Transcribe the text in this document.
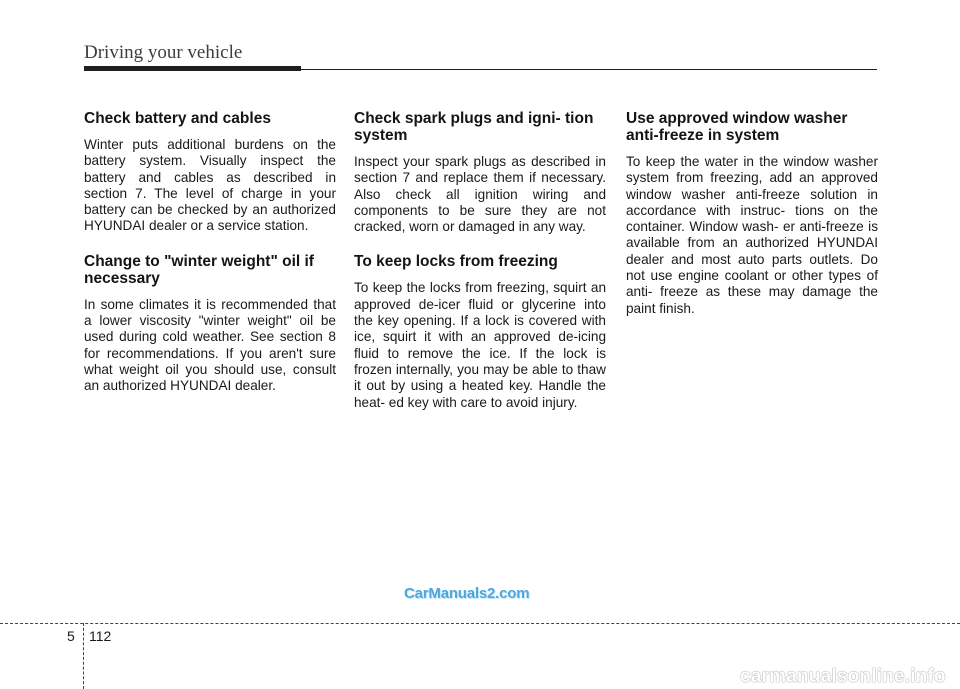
Driving your vehicle
Check battery and cables

Winter puts additional burdens on the battery system. Visually inspect the battery and cables as described in section 7. The level of charge in your battery can be checked by an authorized HYUNDAI dealer or a service station.

Change to "winter weight" oil if necessary

In some climates it is recommended that a lower viscosity "winter weight" oil be used during cold weather. See section 8 for recommendations. If you aren't sure what weight oil you should use, consult an authorized HYUNDAI dealer.

Check spark plugs and igni- tion system

Inspect your spark plugs as described in section 7 and replace them if necessary. Also check all ignition wiring and components to be sure they are not cracked, worn or damaged in any way.

To keep locks from freezing

To keep the locks from freezing, squirt an approved de-icer fluid or glycerine into the key opening. If a lock is covered with ice, squirt it with an approved de-icing fluid to remove the ice. If the lock is frozen internally, you may be able to thaw it out by using a heated key. Handle the heat- ed key with care to avoid injury.

Use approved window washer anti-freeze in system

To keep the water in the window washer system from freezing, add an approved window washer anti-freeze solution in accordance with instruc- tions on the container. Window wash- er anti-freeze is available from an authorized HYUNDAI dealer and most auto parts outlets. Do not use engine coolant or other types of anti- freeze as these may damage the paint finish.

CarManuals2.com
5 112
carmanualsonline.info
